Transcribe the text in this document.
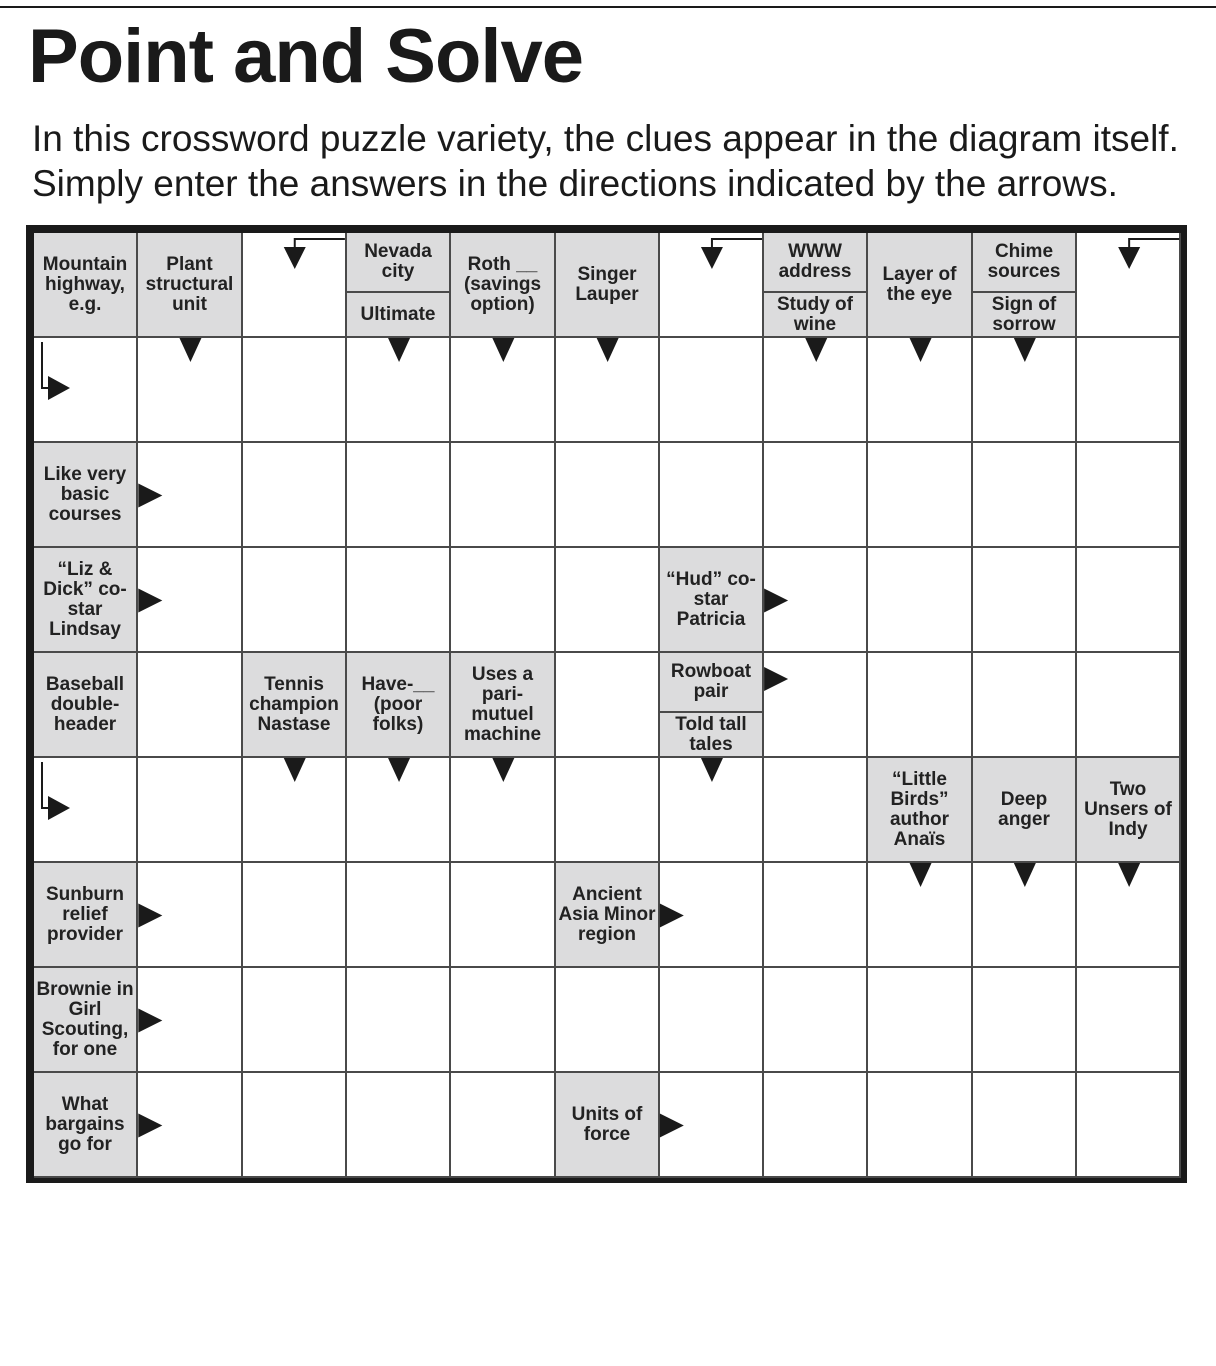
Point and Solve
In this crossword puzzle variety, the clues appear in the diagram itself.
Simply enter the answers in the directions indicated by the arrows.
Mountain highway, e.g.
Plant structural unit
Nevada city
Ultimate
Roth __ (savings option)
Singer Lauper
WWW address
Study of wine
Layer of the eye
Chime sources
Sign of sorrow
Like very basic courses
“Liz & Dick” co-star Lindsay
“Hud” co-star Patricia
Baseball double-header
Tennis champion Nastase
Have-__ (poor folks)
Uses a pari-mutuel machine
Rowboat pair
Told tall tales
“Little Birds” author Anaïs
Deep anger
Two Unsers of Indy
Sunburn relief provider
Ancient Asia Minor region
Brownie in Girl Scouting, for one
What bargains go for
Units of force
